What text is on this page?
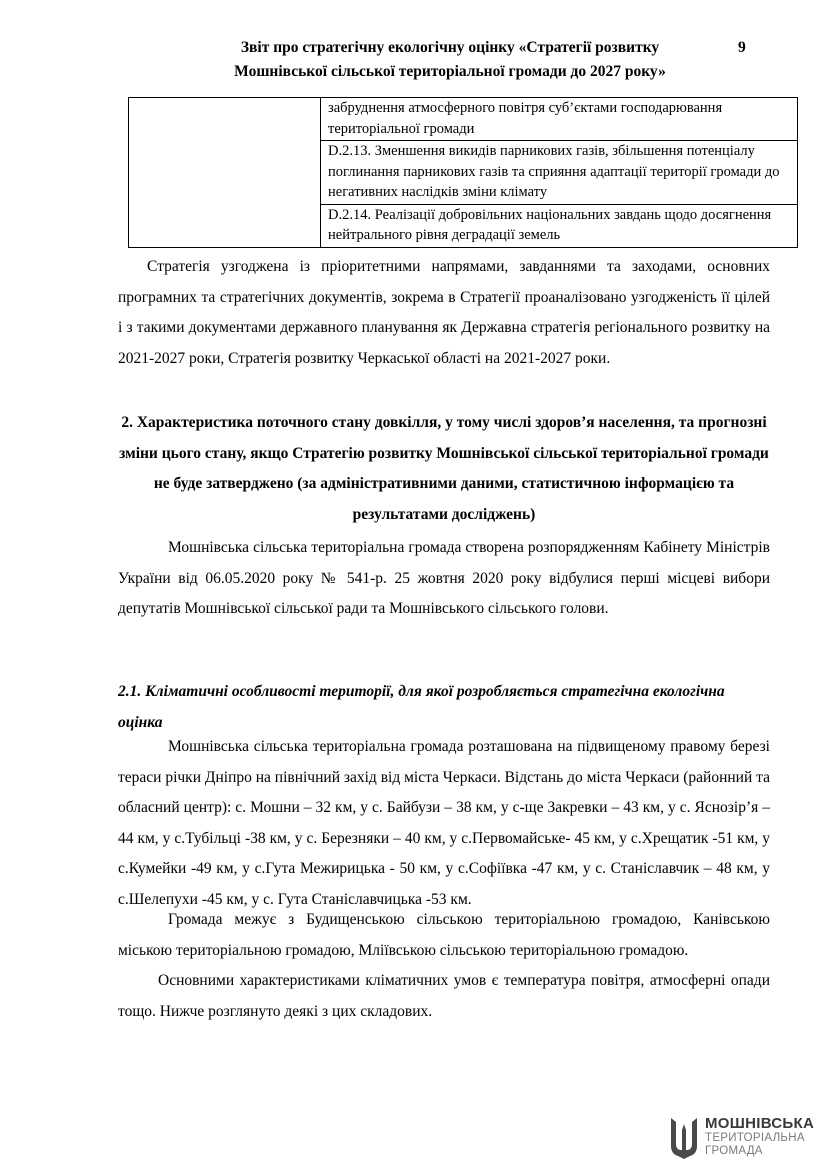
Звіт про стратегічну екологічну оцінку «Стратегії розвитку
Мошнівської сільської територіальної громади до 2027 року»
9
	забруднення атмосферного повітря суб’єктами господарювання територіальної громади
D.2.13. Зменшення викидів парникових газів, збільшення потенціалу поглинання парникових газів та сприяння адаптації території громади до негативних наслідків зміни клімату
D.2.14. Реалізації добровільних національних завдань щодо досягнення нейтрального рівня деградації земель

Стратегія узгоджена із пріоритетними напрямами, завданнями та заходами, основних програмних та стратегічних документів, зокрема в Стратегії проаналізовано узгодженість її цілей і з такими документами державного планування як Державна стратегія регіонального розвитку на 2021-2027 роки, Стратегія розвитку Черкаської області на 2021-2027 роки.

2. Характеристика поточного стану довкілля, у тому числі здоров’я населення, та прогнозні зміни цього стану, якщо Стратегію розвитку Мошнівської сільської територіальної громади не буде затверджено (за адміністративними даними, статистичною інформацією та результатами досліджень)

Мошнівська сільська територіальна громада створена розпорядженням Кабінету Міністрів України від 06.05.2020 року № 541-р. 25 жовтня 2020 року відбулися перші місцеві вибори депутатів Мошнівської сільської ради та Мошнівського сільського голови.

2.1. Кліматичні особливості території, для якої розробляється стратегічна екологічна оцінка

Мошнівська сільська територіальна громада розташована на підвищеному правому березі тераси річки Дніпро на північний захід від міста Черкаси. Відстань до міста Черкаси (районний та обласний центр): с. Мошни – 32 км, у с. Байбузи – 38 км, у с-ще Закревки – 43 км, у с. Яснозір’я – 44 км, у с.Тубільці -38 км, у с. Березняки – 40 км, у с.Первомайське- 45 км, у с.Хрещатик -51 км, у с.Кумейки -49 км, у с.Гута Межирицька - 50 км, у с.Софіївка -47 км, у с. Станіславчик – 48 км, у с.Шелепухи -45 км, у с. Гута Станіславчицька -53 км.

Громада межує з Будищенською сільською територіальною громадою, Канівською міською територіальною громадою, Мліївською сільською територіальною громадою.

Основними характеристиками кліматичних умов є температура повітря, атмосферні опади тощо. Нижче розглянуто деякі з цих складових.

МОШНІВСЬКА
ТЕРИТОРІАЛЬНА
ГРОМАДА
